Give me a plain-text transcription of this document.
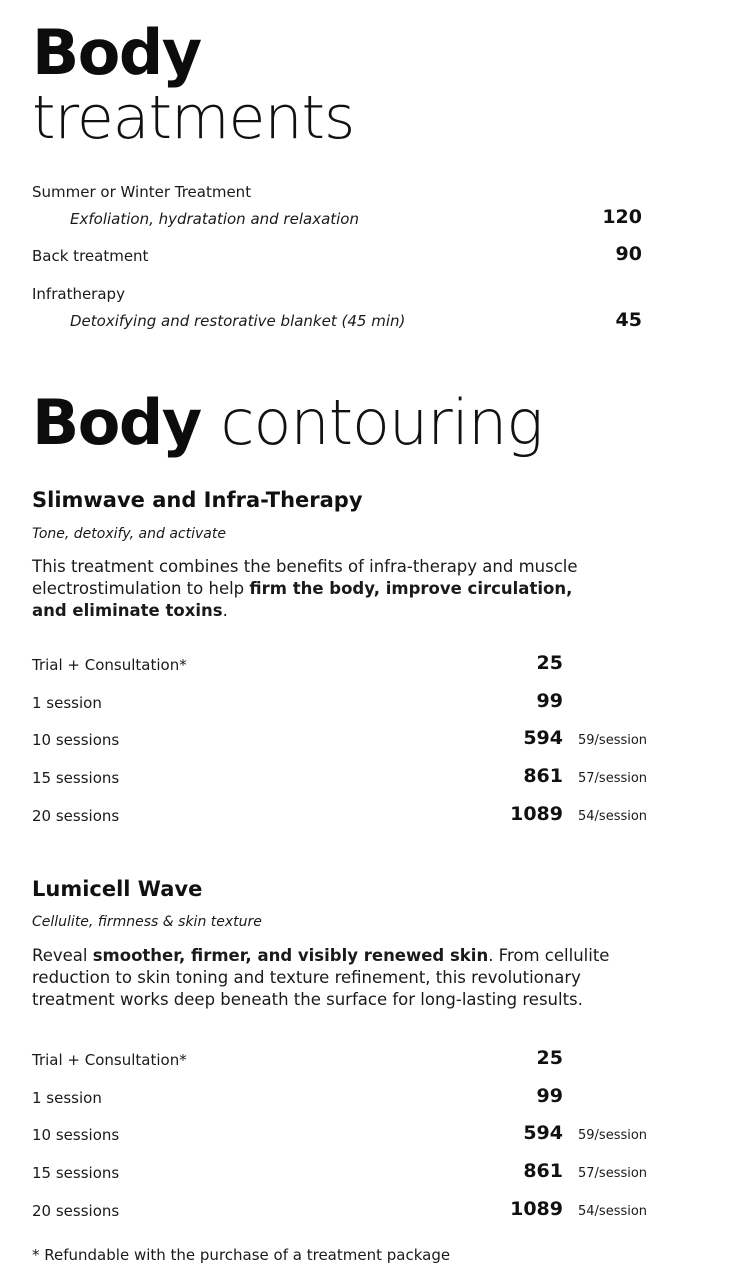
Body
treatments
Summer or Winter Treatment
Exfoliation, hydratation and relaxation	120
Back treatment	90
Infratherapy
Detoxifying and restorative blanket (45 min)	45
Body contouring
Slimwave and Infra-Therapy
Tone, detoxify, and activate
This treatment combines the benefits of infra-therapy and muscle electrostimulation to help firm the body, improve circulation, and eliminate toxins.
Trial + Consultation*	25
1 session	99
10 sessions	594 59/session
15 sessions	861 57/session
20 sessions	1089 54/session
Lumicell Wave
Cellulite, firmness & skin texture
Reveal smoother, firmer, and visibly renewed skin. From cellulite reduction to skin toning and texture refinement, this revolutionary treatment works deep beneath the surface for long-lasting results.
Trial + Consultation*	25
1 session	99
10 sessions	594 59/session
15 sessions	861 57/session
20 sessions	1089 54/session
* Refundable with the purchase of a treatment package
